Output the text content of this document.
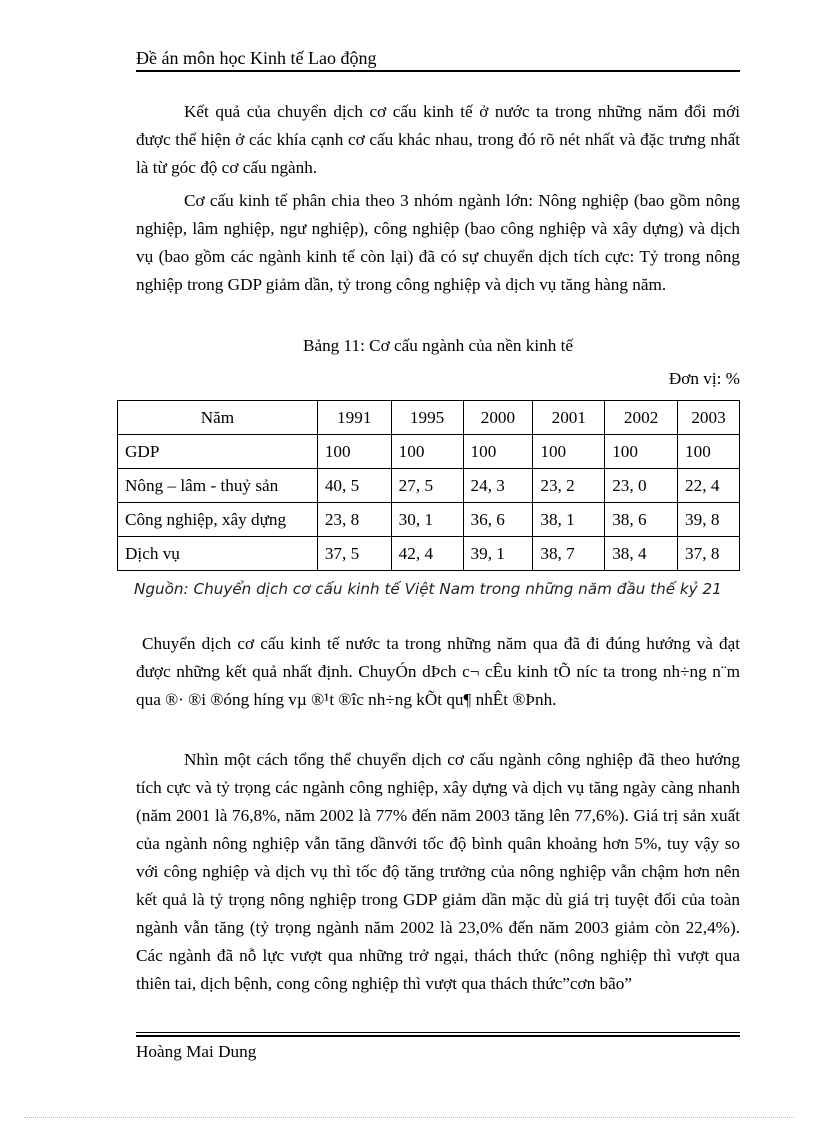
Đề án môn học Kinh tế Lao động

Kết quả của chuyển dịch cơ cấu kinh tế ở nước ta trong những năm đổi mới được thể hiện ở các khía cạnh cơ cấu khác nhau, trong đó rõ nét nhất và đặc trưng nhất là từ góc độ cơ cấu ngành.

Cơ cấu kinh tế phân chia theo 3 nhóm ngành lớn: Nông nghiệp (bao gồm nông nghiệp, lâm nghiệp, ngư nghiệp), công nghiệp (bao công nghiệp và xây dựng) và dịch vụ (bao gồm các ngành kinh tế còn lại) đã có sự chuyển dịch tích cực: Tỷ trong nông nghiệp trong GDP giảm dần, tỷ trong công nghiệp và dịch vụ tăng hàng năm.

Bảng 11: Cơ cấu ngành của nền kinh tế
Đơn vị: %
Năm	1991	1995	2000	2001	2002	2003
GDP	100	100	100	100	100	100
Nông – lâm - thuỷ sản	40, 5	27, 5	24, 3	23, 2	23, 0	22, 4
Công nghiệp, xây dựng	23, 8	30, 1	36, 6	38, 1	38, 6	39, 8
Dịch vụ	37, 5	42, 4	39, 1	38, 7	38, 4	37, 8
Nguồn: Chuyển dịch cơ cấu kinh tế Việt Nam trong những năm đầu thế kỷ 21

Chuyển dịch cơ cấu kinh tế nước ta trong những năm qua đã đi đúng hướng và đạt được những kết quả nhất định. ChuyÓn dÞch c¬ cÊu kinh tÕ níc ta trong nh÷ng n¨m qua ®· ®i ®óng híng vµ ®¹t ®îc nh÷ng kÕt qu¶ nhÊt ®Þnh.

Nhìn một cách tổng thể chuyển dịch cơ cấu ngành công nghiệp đã theo hướng tích cực và tỷ trọng các ngành công nghiệp, xây dựng và dịch vụ tăng ngày càng nhanh (năm 2001 là 76,8%, năm 2002 là 77% đến năm 2003 tăng lên 77,6%). Giá trị sản xuất của ngành nông nghiệp vẫn tăng dầnvới tốc độ bình quân khoảng hơn 5%, tuy vậy so với công nghiệp và dịch vụ thì tốc độ tăng trưởng của nông nghiệp vẫn chậm hơn nên kết quả là tỷ trọng nông nghiệp trong GDP giảm dần mặc dù giá trị tuyệt đối của toàn ngành vẫn tăng (tỷ trọng ngành năm 2002 là 23,0% đến năm 2003 giảm còn 22,4%). Các ngành đã nỗ lực vượt qua những trở ngại, thách thức (nông nghiệp thì vượt qua thiên tai, dịch bệnh, cong công nghiệp thì vượt qua thách thức”cơn bão”

Hoàng Mai Dung
